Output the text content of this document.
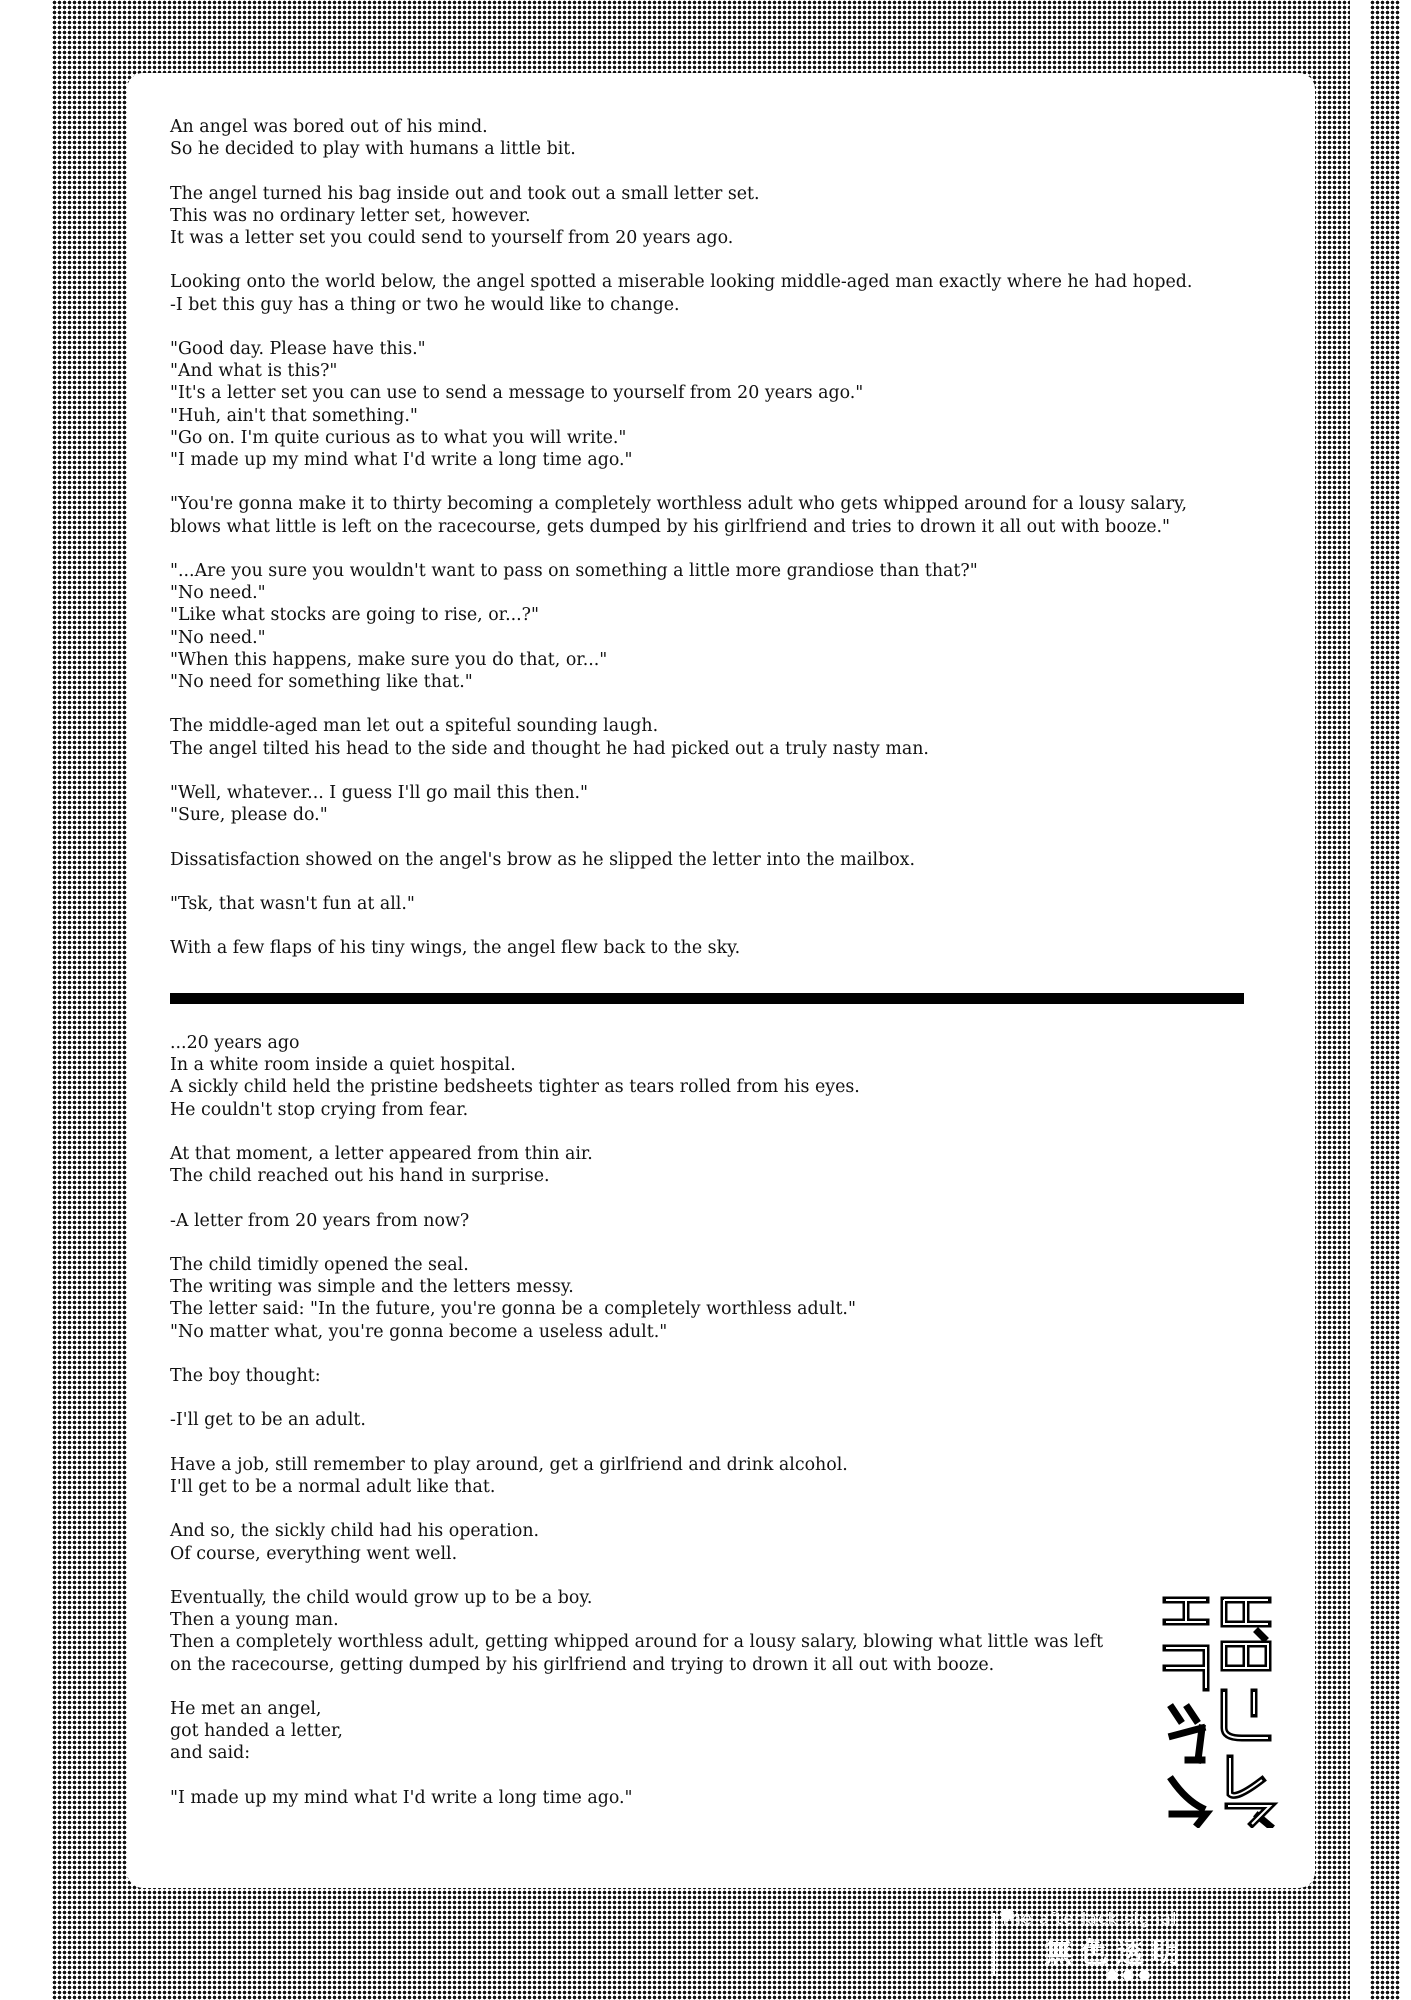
An angel was bored out of his mind.
So he decided to play with humans a little bit.
The angel turned his bag inside out and took out a small letter set.
This was no ordinary letter set, however.
It was a letter set you could send to yourself from 20 years ago.
Looking onto the world below, the angel spotted a miserable looking middle-aged man exactly where he had hoped.
-I bet this guy has a thing or two he would like to change.
"Good day. Please have this."
"And what is this?"
"It's a letter set you can use to send a message to yourself from 20 years ago."
"Huh, ain't that something."
"Go on. I'm quite curious as to what you will write."
"I made up my mind what I'd write a long time ago."
"You're gonna make it to thirty becoming a completely worthless adult who gets whipped around for a lousy salary,
blows what little is left on the racecourse, gets dumped by his girlfriend and tries to drown it all out with booze."
"...Are you sure you wouldn't want to pass on something a little more grandiose than that?"
"No need."
"Like what stocks are going to rise, or...?"
"No need."
"When this happens, make sure you do that, or..."
"No need for something like that."
The middle-aged man let out a spiteful sounding laugh.
The angel tilted his head to the side and thought he had picked out a truly nasty man.
"Well, whatever... I guess I'll go mail this then."
"Sure, please do."
Dissatisfaction showed on the angel's brow as he slipped the letter into the mailbox.
"Tsk, that wasn't fun at all."
With a few flaps of his tiny wings, the angel flew back to the sky.
...20 years ago
In a white room inside a quiet hospital.
A sickly child held the pristine bedsheets tighter as tears rolled from his eyes.
He couldn't stop crying from fear.
At that moment, a letter appeared from thin air.
The child reached out his hand in surprise.
-A letter from 20 years from now?
The child timidly opened the seal.
The writing was simple and the letters messy.
The letter said: "In the future, you're gonna be a completely worthless adult."
"No matter what, you're gonna become a useless adult."
The boy thought:
-I'll get to be an adult.
Have a job, still remember to play around, get a girlfriend and drink alcohol.
I'll get to be a normal adult like that.
And so, the sickly child had his operation.
Of course, everything went well.
Eventually, the child would grow up to be a boy.
Then a young man.
Then a completely worthless adult, getting whipped around for a lousy salary, blowing what little was left
on the racecourse, getting dumped by his girlfriend and trying to drown it all out with booze.
He met an angel,
got handed a letter,
and said:
"I made up my mind what I'd write a long time ago."
The afterlack signal
無色透明
●●●
